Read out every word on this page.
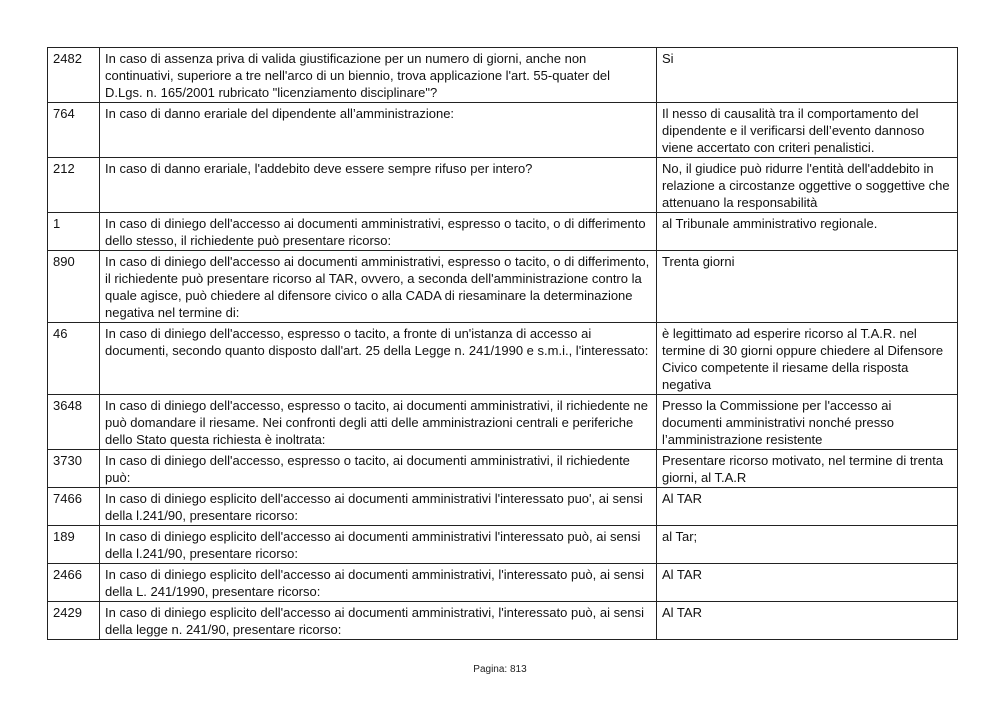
2482	In caso di assenza priva di valida giustificazione per un numero di giorni, anche non continuativi, superiore a tre nell'arco di un biennio, trova applicazione l'art. 55-quater del D.Lgs. n. 165/2001 rubricato "licenziamento disciplinare"?	Si
764	In caso di danno erariale del dipendente all’amministrazione:	Il nesso di causalità tra il comportamento del dipendente e il verificarsi dell’evento dannoso viene accertato con criteri penalistici.
212	In caso di danno erariale, l'addebito deve essere sempre rifuso per intero?	No, il giudice può ridurre l'entità dell'addebito in relazione a circostanze oggettive o soggettive che attenuano la responsabilità
1	In caso di diniego dell'accesso ai documenti amministrativi, espresso o tacito, o di differimento dello stesso, il richiedente può presentare ricorso:	al Tribunale amministrativo regionale.
890	In caso di diniego dell'accesso ai documenti amministrativi, espresso o tacito, o di differimento, il richiedente può presentare ricorso al TAR, ovvero, a seconda dell'amministrazione contro la quale agisce, può chiedere al difensore civico o alla CADA di riesaminare la determinazione negativa nel termine di:	Trenta giorni
46	In caso di diniego dell'accesso, espresso o tacito, a fronte di un'istanza di accesso ai documenti, secondo quanto disposto dall'art. 25 della Legge n. 241/1990 e s.m.i., l'interessato:	è legittimato ad esperire ricorso al T.A.R. nel termine di 30 giorni oppure chiedere al Difensore Civico competente il riesame della risposta negativa
3648	In caso di diniego dell'accesso, espresso o tacito, ai documenti amministrativi, il richiedente ne può domandare il riesame. Nei confronti degli atti delle amministrazioni centrali e periferiche dello Stato questa richiesta è inoltrata:	Presso la Commissione per l'accesso ai documenti amministrativi nonché presso l’amministrazione resistente
3730	In caso di diniego dell'accesso, espresso o tacito, ai documenti amministrativi, il richiedente può:	Presentare ricorso motivato, nel termine di trenta giorni, al T.A.R
7466	In caso di diniego esplicito dell'accesso ai documenti amministrativi l'interessato puo', ai sensi della l.241/90, presentare ricorso:	Al TAR
189	In caso di diniego esplicito dell'accesso ai documenti amministrativi l'interessato può, ai sensi della l.241/90, presentare ricorso:	al Tar;
2466	In caso di diniego esplicito dell'accesso ai documenti amministrativi, l'interessato può, ai sensi della L. 241/1990, presentare ricorso:	Al TAR
2429	In caso di diniego esplicito dell'accesso ai documenti amministrativi, l'interessato può, ai sensi della legge n. 241/90, presentare ricorso:	Al TAR
Pagina: 813
